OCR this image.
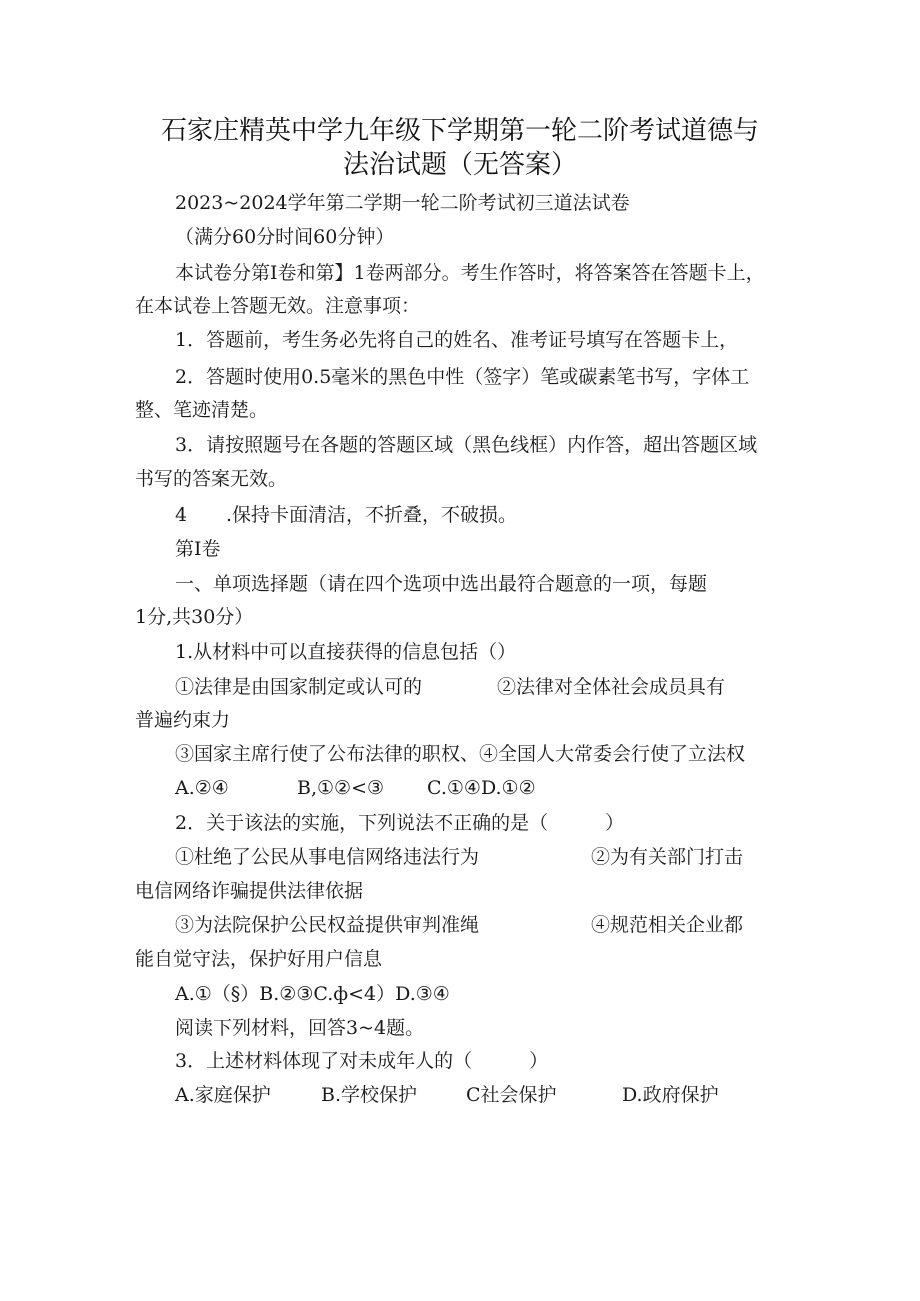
石家庄精英中学九年级下学期第一轮二阶考试道德与
法治试题（无答案）
2023~2024学年第二学期一轮二阶考试初三道法试卷
（满分60分时间60分钟）
本试卷分第I卷和第】1卷两部分。考生作答时，将答案答在答题卡上，
在本试卷上答题无效。注意事项：
1．答题前，考生务必先将自己的姓名、准考证号填写在答题卡上，
2．答题时使用0.5毫米的黑色中性（签字）笔或碳素笔书写，字体工
整、笔迹清楚。
3．请按照题号在各题的答题区域（黑色线框）内作答，超出答题区域
书写的答案无效。
4 .保持卡面清洁，不折叠，不破损。
第I卷
一、单项选择题（请在四个选项中选出最符合题意的一项，每题
1分,共30分）
1.从材料中可以直接获得的信息包括（）
①法律是由国家制定或认可的	②法律对全体社会成员具有
普遍约束力
③国家主席行使了公布法律的职权、④全国人大常委会行使了立法权
A.②④	B,①②<③ C.①④D.①②
2．关于该法的实施，下列说法不正确的是（　　　）
①杜绝了公民从事电信网络违法行为	②为有关部门打击
电信网络诈骗提供法律依据
③为法院保护公民权益提供审判准绳	④规范相关企业都
能自觉守法，保护好用户信息
A.①（§）B.②③C.ф<4）D.③④
阅读下列材料，回答3~4题。
3．上述材料体现了对未成年人的（　　　）
A.家庭保护	B.学校保护	C社会保护	D.政府保护
